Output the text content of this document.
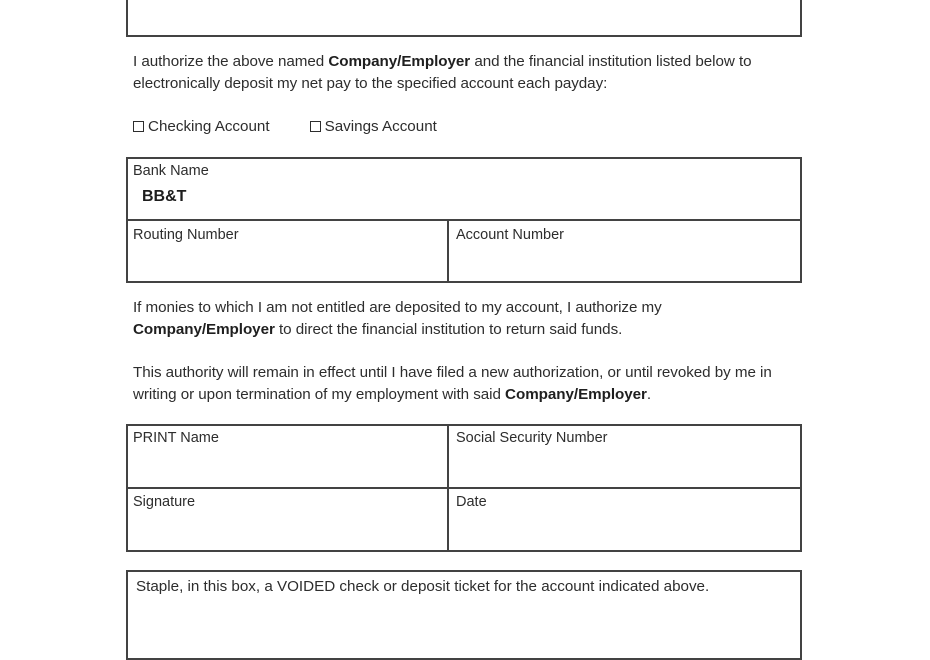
I authorize the above named Company/Employer and the financial institution listed below to electronically deposit my net pay to the specified account each payday:
Checking Account	Savings Account
Bank Name
BB&T
Routing Number	Account Number
If monies to which I am not entitled are deposited to my account, I authorize my Company/Employer to direct the financial institution to return said funds.
This authority will remain in effect until I have filed a new authorization, or until revoked by me in writing or upon termination of my employment with said Company/Employer.
PRINT Name	Social Security Number
Signature	Date
Staple, in this box, a VOIDED check or deposit ticket for the account indicated above.
